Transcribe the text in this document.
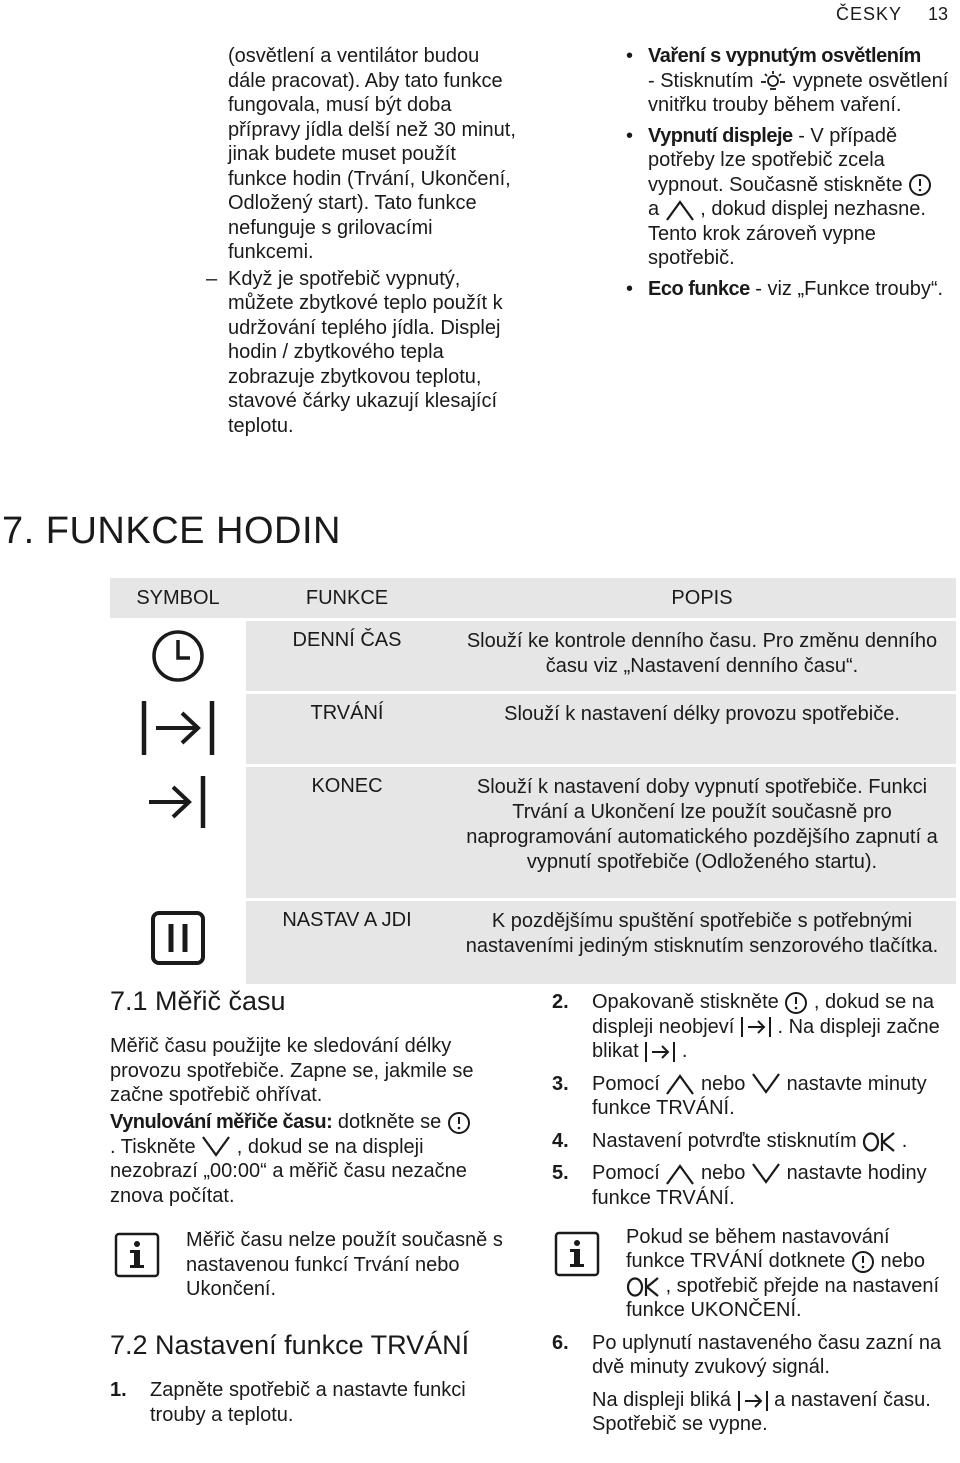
ČESKY 13
(osvětlení a ventilátor budou dále pracovat). Aby tato funkce fungovala, musí být doba přípravy jídla delší než 30 minut, jinak budete muset použít funkce hodin (Trvání, Ukončení, Odložený start). Tato funkce nefunguje s grilovacími funkcemi.
– Když je spotřebič vypnutý, můžete zbytkové teplo použít k udržování teplého jídla. Displej hodin / zbytkového tepla zobrazuje zbytkovou teplotu, stavové čárky ukazují klesající teplotu.
• Vaření s vypnutým osvětlením
- Stisknutím vypnete osvětlení vnitřku trouby během vaření.
• Vypnutí displeje - V případě potřeby lze spotřebič zcela vypnout. Současně stiskněte
a , dokud displej nezhasne. Tento krok zároveň vypne spotřebič.
• Eco funkce - viz „Funkce trouby“.
7. FUNKCE HODIN
SYMBOL	FUNKCE	POPIS
	DENNÍ ČAS	Slouží ke kontrole denního času. Pro změnu denního času viz „Nastavení denního času“.
	TRVÁNÍ	Slouží k nastavení délky provozu spotřebiče.
	KONEC	Slouží k nastavení doby vypnutí spotřebiče. Funkci Trvání a Ukončení lze použít současně pro naprogramování automatického pozdějšího zapnutí a vypnutí spotřebiče (Odloženého startu).
	NASTAV A JDI	K pozdějšímu spuštění spotřebiče s potřebnými nastaveními jediným stisknutím senzorového tlačítka.
7.1 Měřič času
Měřič času použijte ke sledování délky provozu spotřebiče. Zapne se, jakmile se začne spotřebič ohřívat.
Vynulování měřiče času: dotkněte se
. Tiskněte , dokud se na displeji nezobrazí „00:00“ a měřič času nezačne znova počítat.
Měřič času nelze použít současně s nastavenou funkcí Trvání nebo Ukončení.
7.2 Nastavení funkce TRVÁNÍ
1. Zapněte spotřebič a nastavte funkci trouby a teplotu.
2. Opakovaně stiskněte , dokud se na displeji neobjeví . Na displeji začne blikat .
3. Pomocí nebo nastavte minuty funkce TRVÁNÍ.
4. Nastavení potvrďte stisknutím .
5. Pomocí nebo nastavte hodiny funkce TRVÁNÍ.
Pokud se během nastavování funkce TRVÁNÍ dotknete nebo  , spotřebič přejde na nastavení funkce UKONČENÍ.
6. Po uplynutí nastaveného času zazní na dvě minuty zvukový signál.
Na displeji bliká a nastavení času. Spotřebič se vypne.
